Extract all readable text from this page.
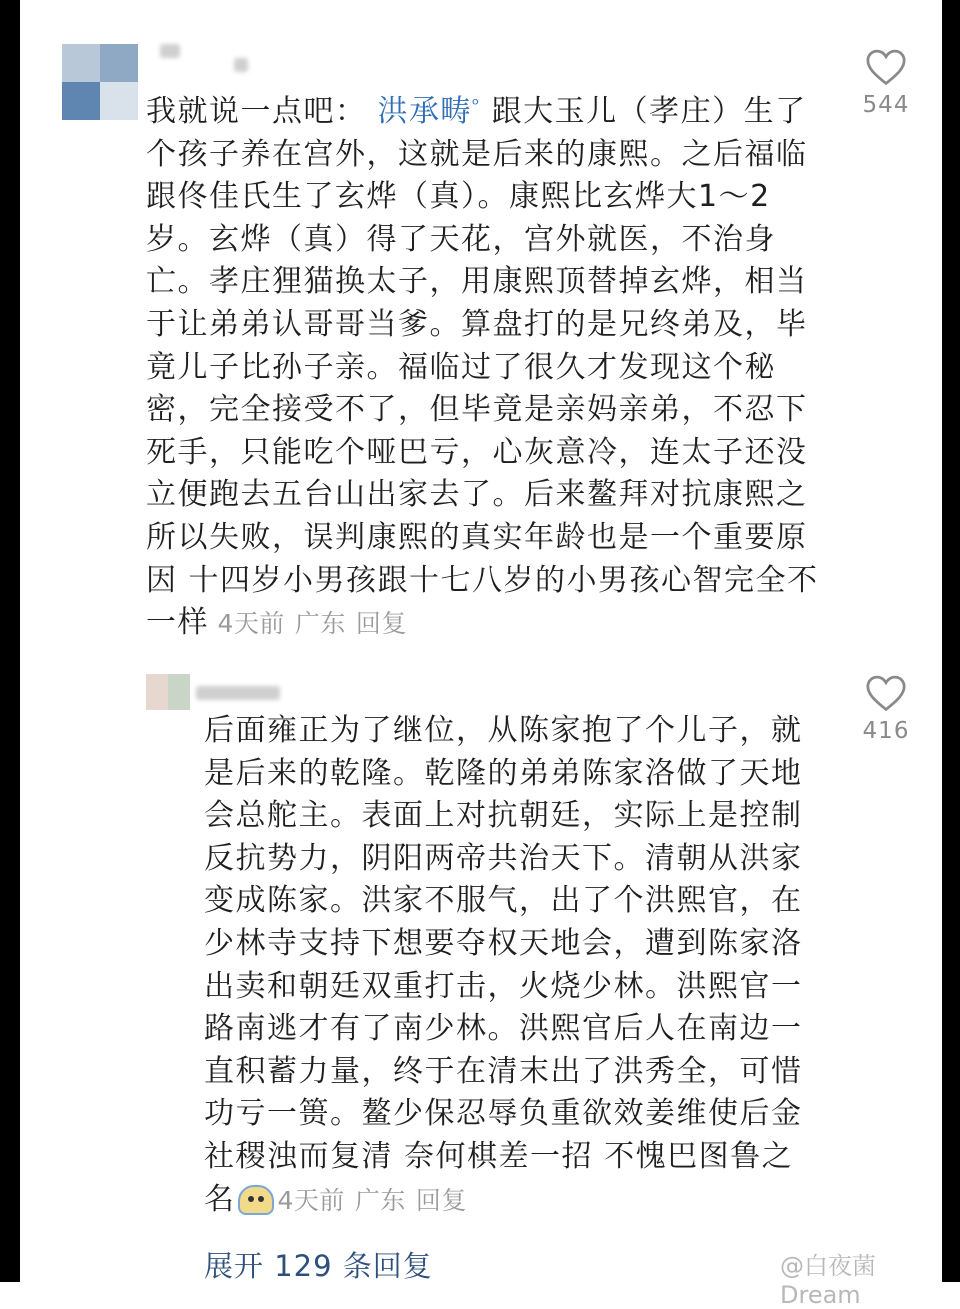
我就说一点吧： 洪承畴$^ᵒ$ 跟大玉儿（孝庄）生了个孩子养在宫外，这就是后来的康熙。之后福临跟佟佳氏生了玄烨（真）。康熙比玄烨大1～2岁。玄烨（真）得了天花，宫外就医，不治身亡。孝庄狸猫换太子，用康熙顶替掉玄烨，相当于让弟弟认哥哥当爹。算盘打的是兄终弟及，毕竟儿子比孙子亲。福临过了很久才发现这个秘密，完全接受不了，但毕竟是亲妈亲弟，不忍下死手，只能吃个哑巴亏，心灰意冷，连太子还没立便跑去五台山出家去了。后来鳌拜对抗康熙之所以失败，误判康熙的真实年龄也是一个重要原因 十四岁小男孩跟十七八岁的小男孩心智完全不一样 4天前 广东 回复

544

后面雍正为了继位，从陈家抱了个儿子，就是后来的乾隆。乾隆的弟弟陈家洛做了天地会总舵主。表面上对抗朝廷，实际上是控制反抗势力，阴阳两帝共治天下。清朝从洪家变成陈家。洪家不服气，出了个洪熙官，在少林寺支持下想要夺权天地会，遭到陈家洛出卖和朝廷双重打击，火烧少林。洪熙官一路南逃才有了南少林。洪熙官后人在南边一直积蓄力量，终于在清末出了洪秀全，可惜功亏一篑。鳌少保忍辱负重欲效姜维使后金社稷浊而复清 奈何棋差一招 不愧巴图鲁之名 4天前 广东 回复

416
展开 129 条回复	@白夜菌Dream
